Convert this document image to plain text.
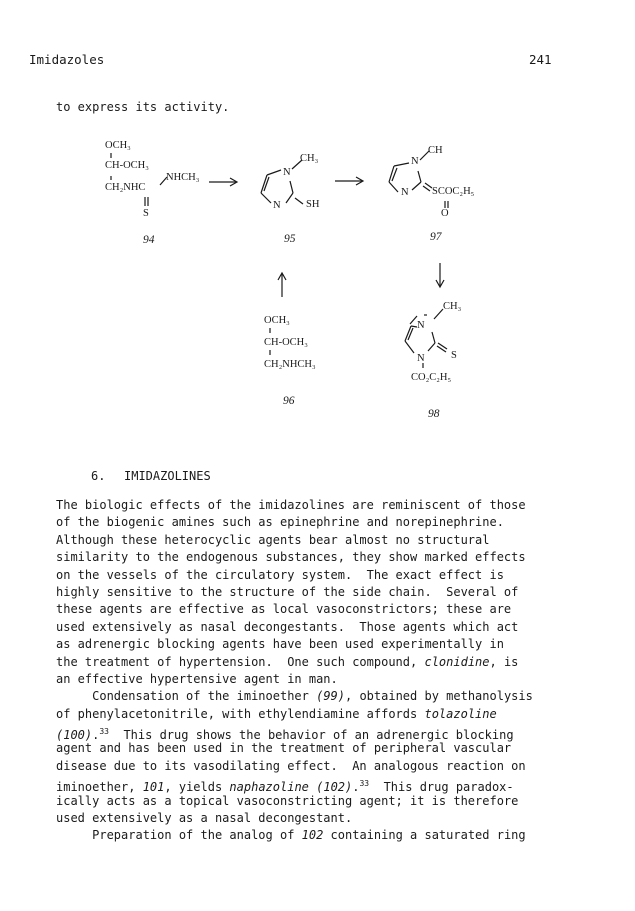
Imidazoles	241
to express its activity.
OCH₃
CH-OCH₃
CH₂NHC
NHCH₃
S
94
CH₃
N
N SH
95
CH
N
N SCOC₂H₅
O
97
OCH₃
CH-OCH₃
CH₂NHCH₃
96
CH₃
N
N	S
CO₂C₂H₅
98
6. IMIDAZOLINES
The biologic effects of the imidazolines are reminiscent of those
of the biogenic amines such as epinephrine and norepinephrine.
Although these heterocyclic agents bear almost no structural
similarity to the endogenous substances, they show marked effects
on the vessels of the circulatory system.  The exact effect is
highly sensitive to the structure of the side chain.  Several of
these agents are effective as local vasoconstrictors; these are
used extensively as nasal decongestants.  Those agents which act
as adrenergic blocking agents have been used experimentally in
the treatment of hypertension.  One such compound, clonidine, is
an effective hypertensive agent in man.
Condensation of the iminoether (99), obtained by methanolysis
of phenylacetonitrile, with ethylendiamine affords tolazoline
(100).$^{33}$  This drug shows the behavior of an adrenergic blocking
agent and has been used in the treatment of peripheral vascular
disease due to its vasodilating effect.  An analogous reaction on
iminoether, 101, yields naphazoline (102).$^{33}$  This drug paradox-
ically acts as a topical vasoconstricting agent; it is therefore
used extensively as a nasal decongestant.
Preparation of the analog of 102 containing a saturated ring
